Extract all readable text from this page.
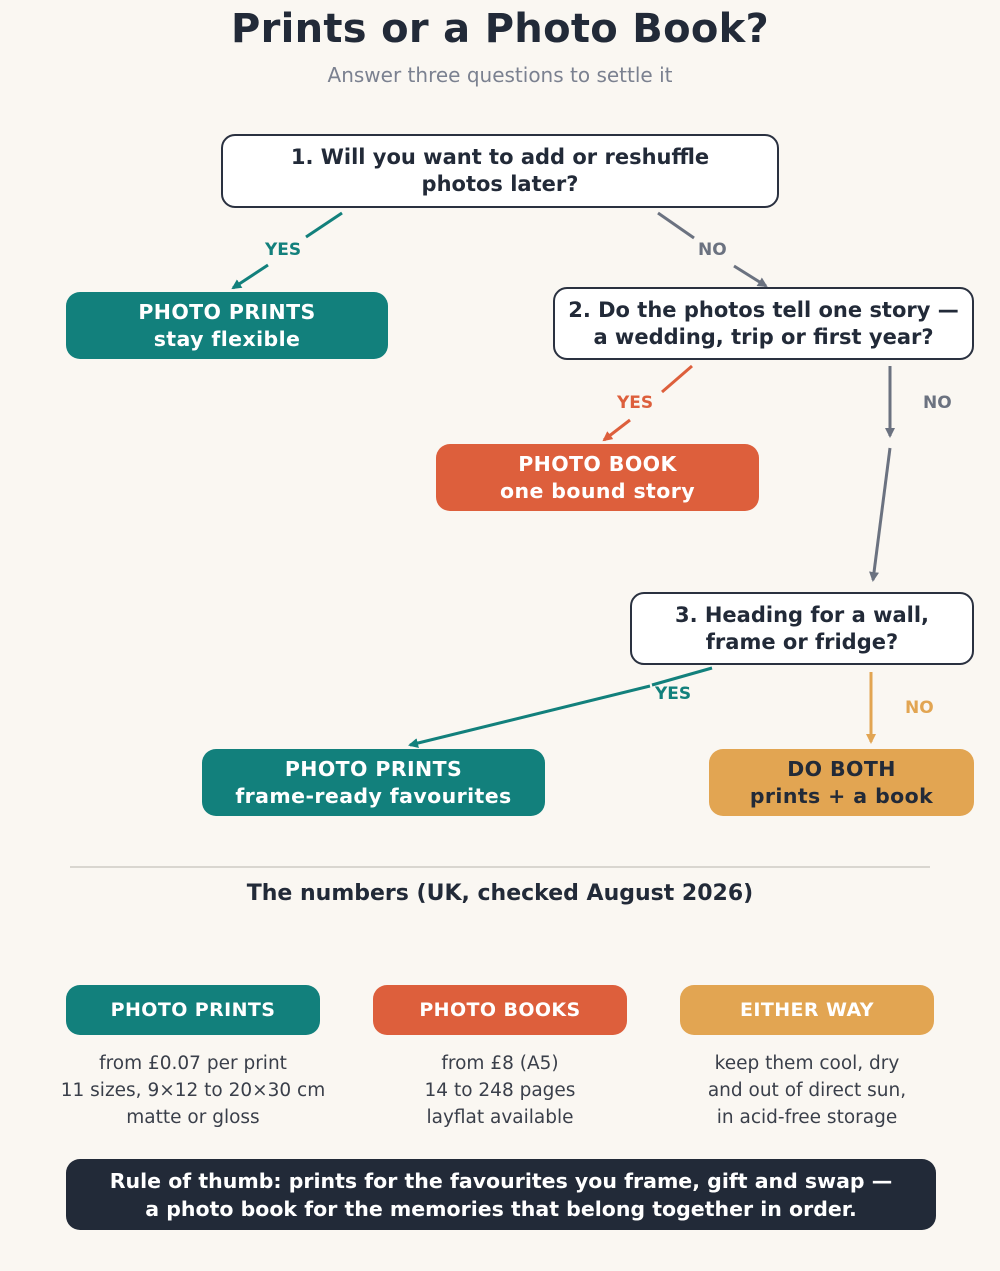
Prints or a Photo Book?
Answer three questions to settle it
1. Will you want to add or reshuffle
photos later?
YES	NO
PHOTO PRINTS
stay flexible
2. Do the photos tell one story —
a wedding, trip or first year?
YES	NO
PHOTO BOOK
one bound story
3. Heading for a wall,
frame or fridge?
YES
NO
PHOTO PRINTS
frame-ready favourites
DO BOTH
prints + a book
The numbers (UK, checked August 2026)
PHOTO PRINTS	PHOTO BOOKS	EITHER WAY
from £0.07 per print
11 sizes, 9×12 to 20×30 cm
matte or gloss
from £8 (A5)
14 to 248 pages
layflat available
keep them cool, dry
and out of direct sun,
in acid-free storage
Rule of thumb: prints for the favourites you frame, gift and swap —
a photo book for the memories that belong together in order.
